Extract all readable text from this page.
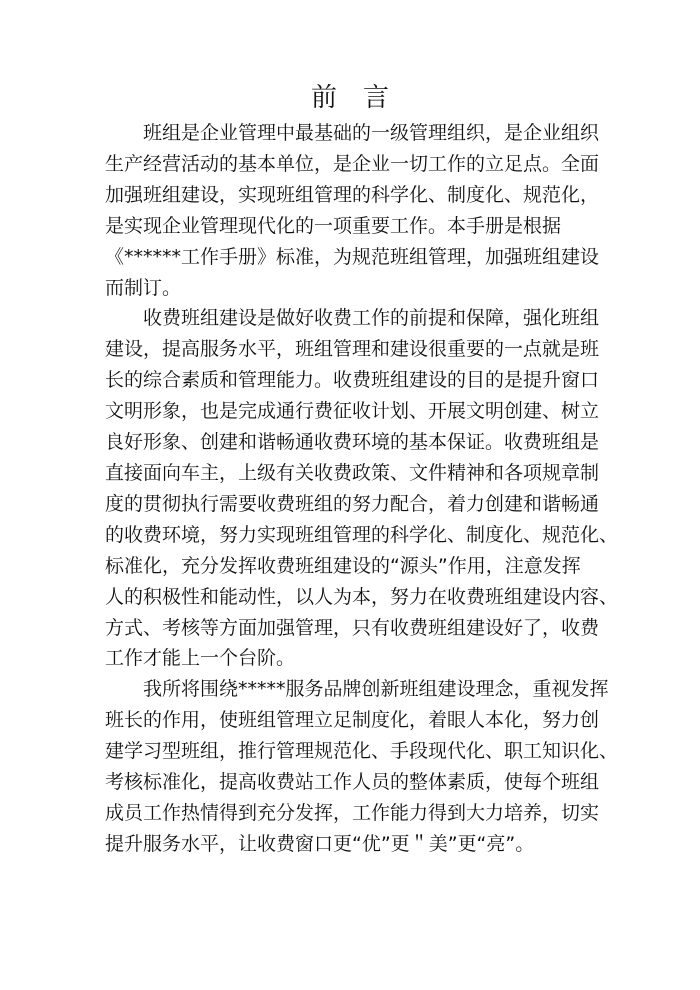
前 言

班组是企业管理中最基础的一级管理组织，是企业组织
生产经营活动的基本单位，是企业一切工作的立足点。全面
加强班组建设，实现班组管理的科学化、制度化、规范化，
是实现企业管理现代化的一项重要工作。本手册是根据
《******工作手册》标准，为规范班组管理，加强班组建设
而制订。

收费班组建设是做好收费工作的前提和保障，强化班组
建设，提高服务水平，班组管理和建设很重要的一点就是班
长的综合素质和管理能力。收费班组建设的目的是提升窗口
文明形象，也是完成通行费征收计划、开展文明创建、树立
良好形象、创建和谐畅通收费环境的基本保证。收费班组是
直接面向车主，上级有关收费政策、文件精神和各项规章制
度的贯彻执行需要收费班组的努力配合，着力创建和谐畅通
的收费环境，努力实现班组管理的科学化、制度化、规范化、
标准化，充分发挥收费班组建设的“源头”作用，注意发挥
人的积极性和能动性，以人为本，努力在收费班组建设内容、
方式、考核等方面加强管理，只有收费班组建设好了，收费
工作才能上一个台阶。

我所将围绕*****服务品牌创新班组建设理念，重视发挥
班长的作用，使班组管理立足制度化，着眼人本化，努力创
建学习型班组，推行管理规范化、手段现代化、职工知识化、
考核标准化，提高收费站工作人员的整体素质，使每个班组
成员工作热情得到充分发挥，工作能力得到大力培养，切实
提升服务水平，让收费窗口更“优”更＂美”更“亮”。
